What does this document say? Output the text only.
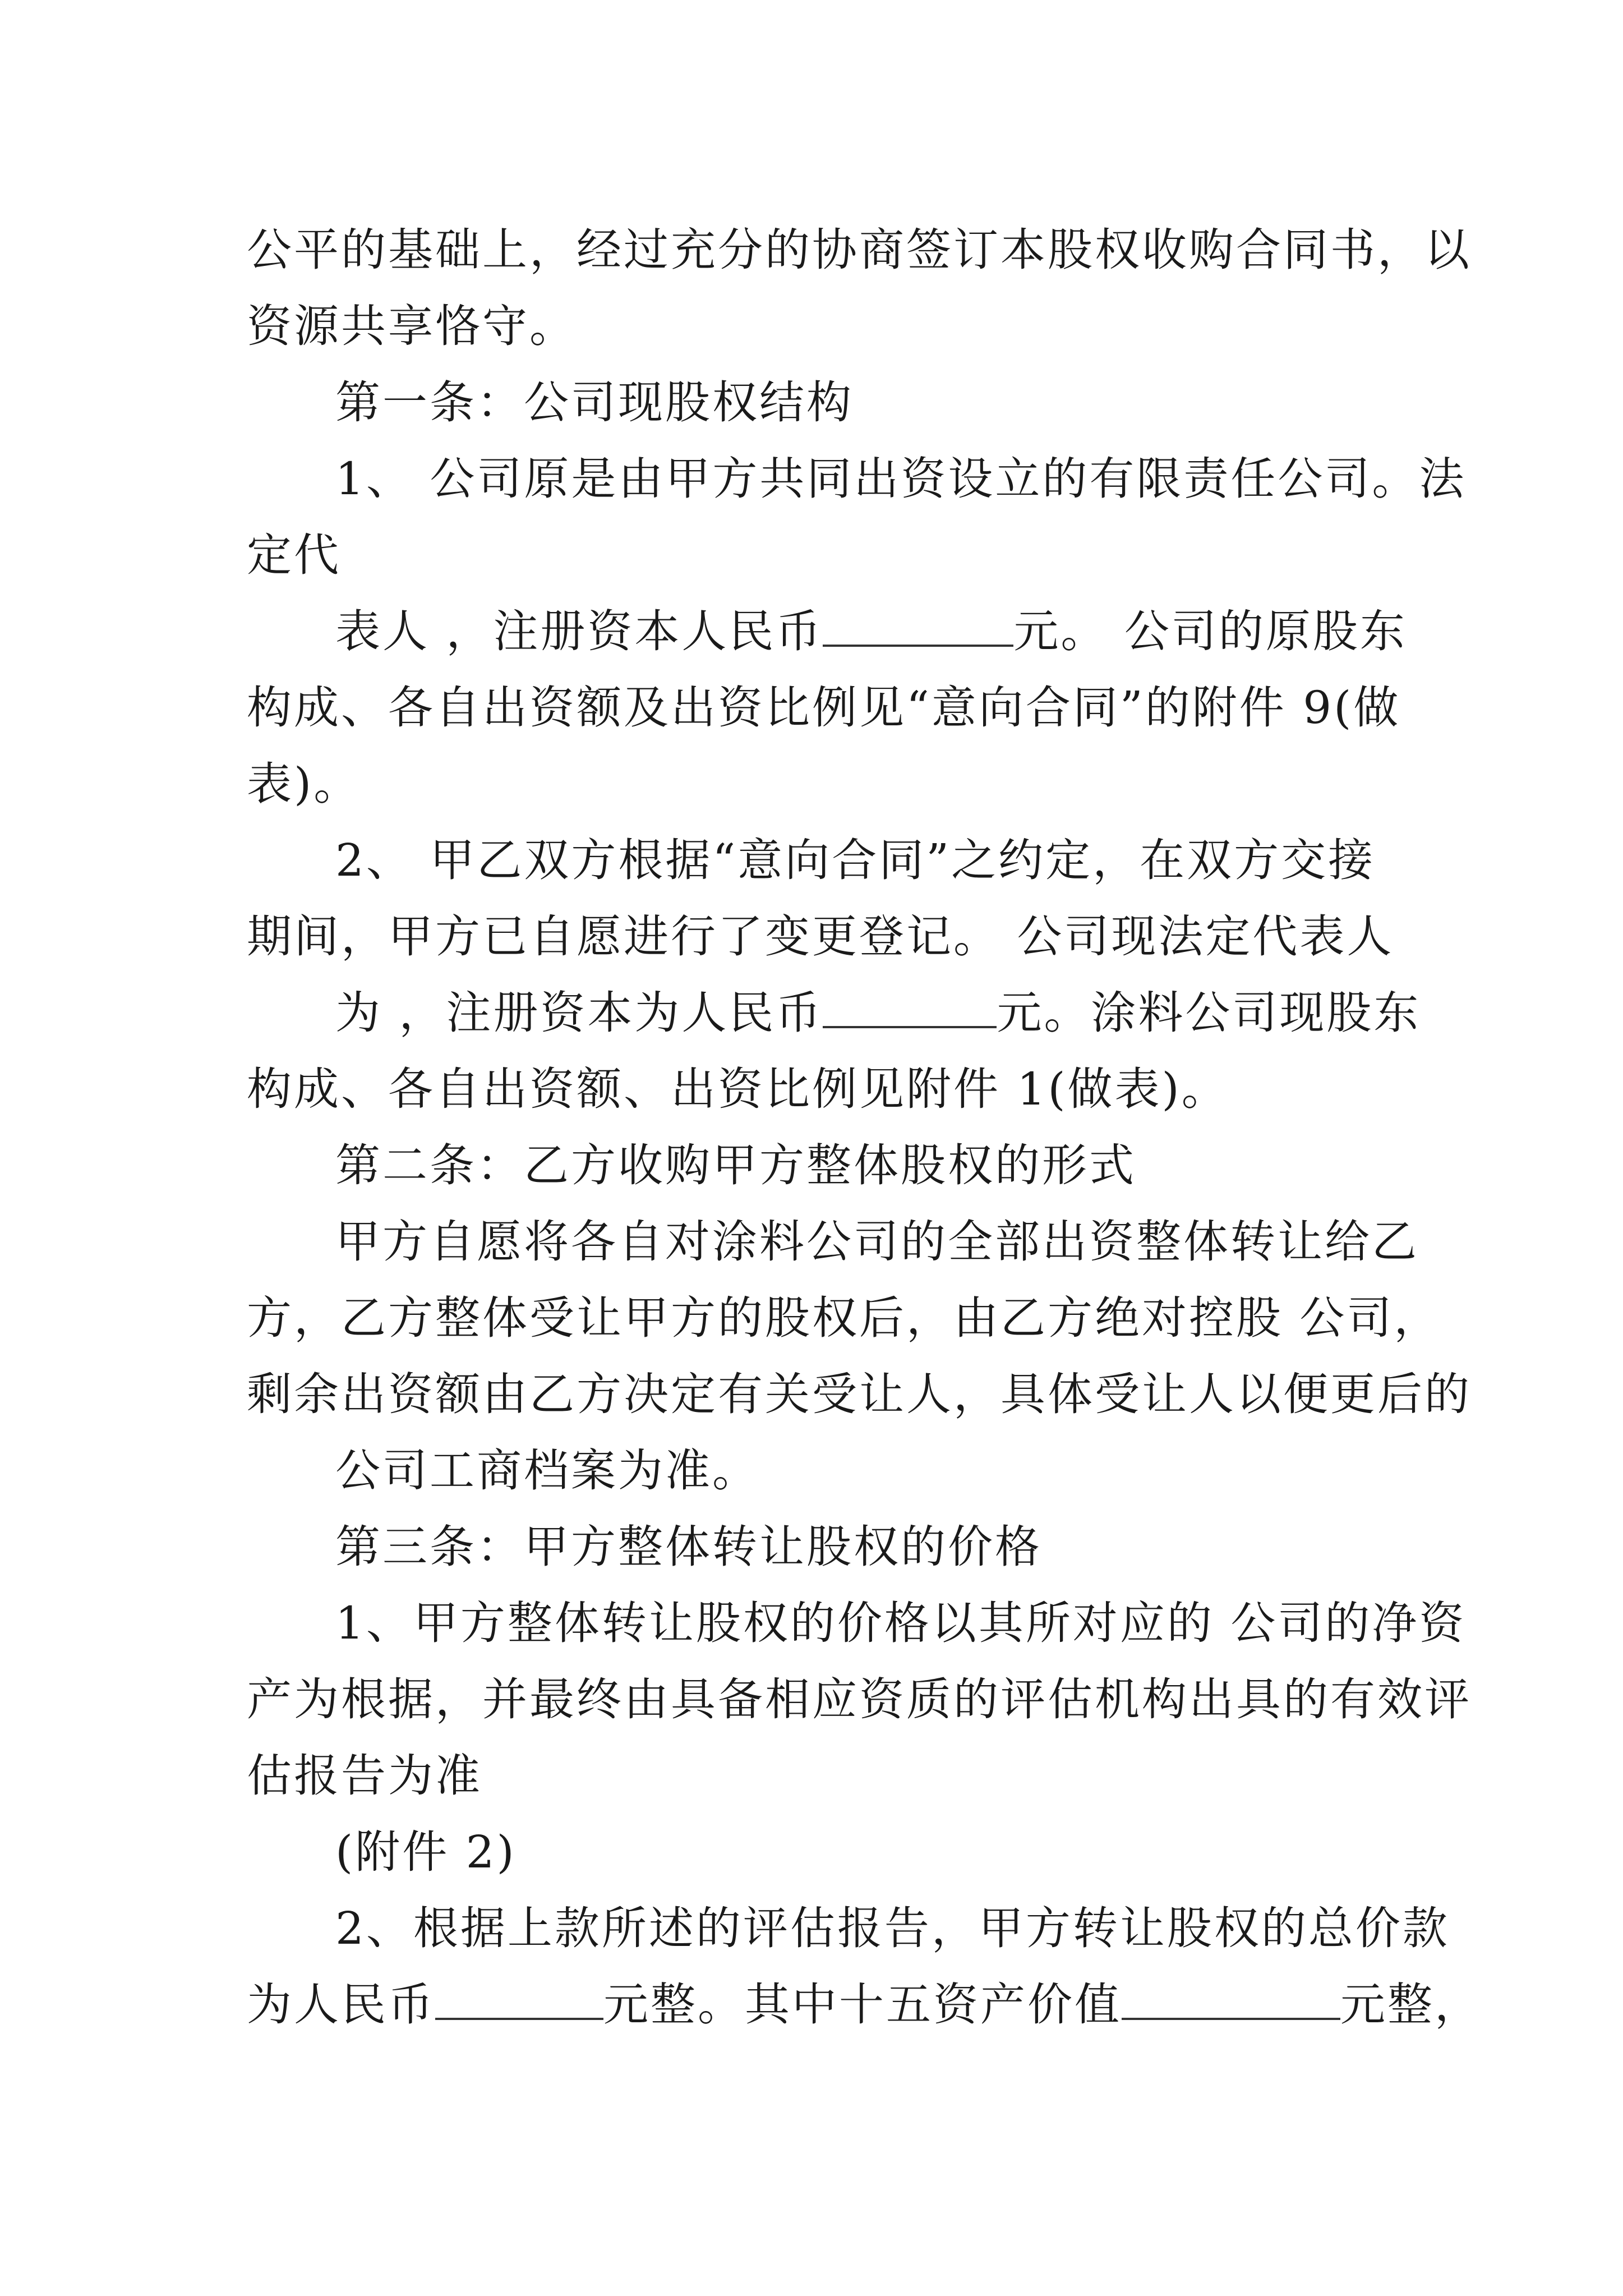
公平的基础上，经过充分的协商签订本股权收购合同书，以
资源共享恪守。
第一条：公司现股权结构
1、 公司原是由甲方共同出资设立的有限责任公司。法
定代
表人 ，注册资本人民币	元。 公司的原股东
构成、各自出资额及出资比例见“意向合同”的附件 9(做
表)。
2、 甲乙双方根据“意向合同”之约定，在双方交接
期间，甲方已自愿进行了变更登记。 公司现法定代表人
为 ，注册资本为人民币	元。涂料公司现股东
构成、各自出资额、出资比例见附件 1(做表)。
第二条：乙方收购甲方整体股权的形式
甲方自愿将各自对涂料公司的全部出资整体转让给乙
方，乙方整体受让甲方的股权后，由乙方绝对控股 公司，
剩余出资额由乙方决定有关受让人，具体受让人以便更后的
公司工商档案为准。
第三条：甲方整体转让股权的价格
1、甲方整体转让股权的价格以其所对应的 公司的净资
产为根据，并最终由具备相应资质的评估机构出具的有效评
估报告为准
(附件 2)
2、根据上款所述的评估报告，甲方转让股权的总价款
为人民币	元整。其中十五资产价值	元整，
